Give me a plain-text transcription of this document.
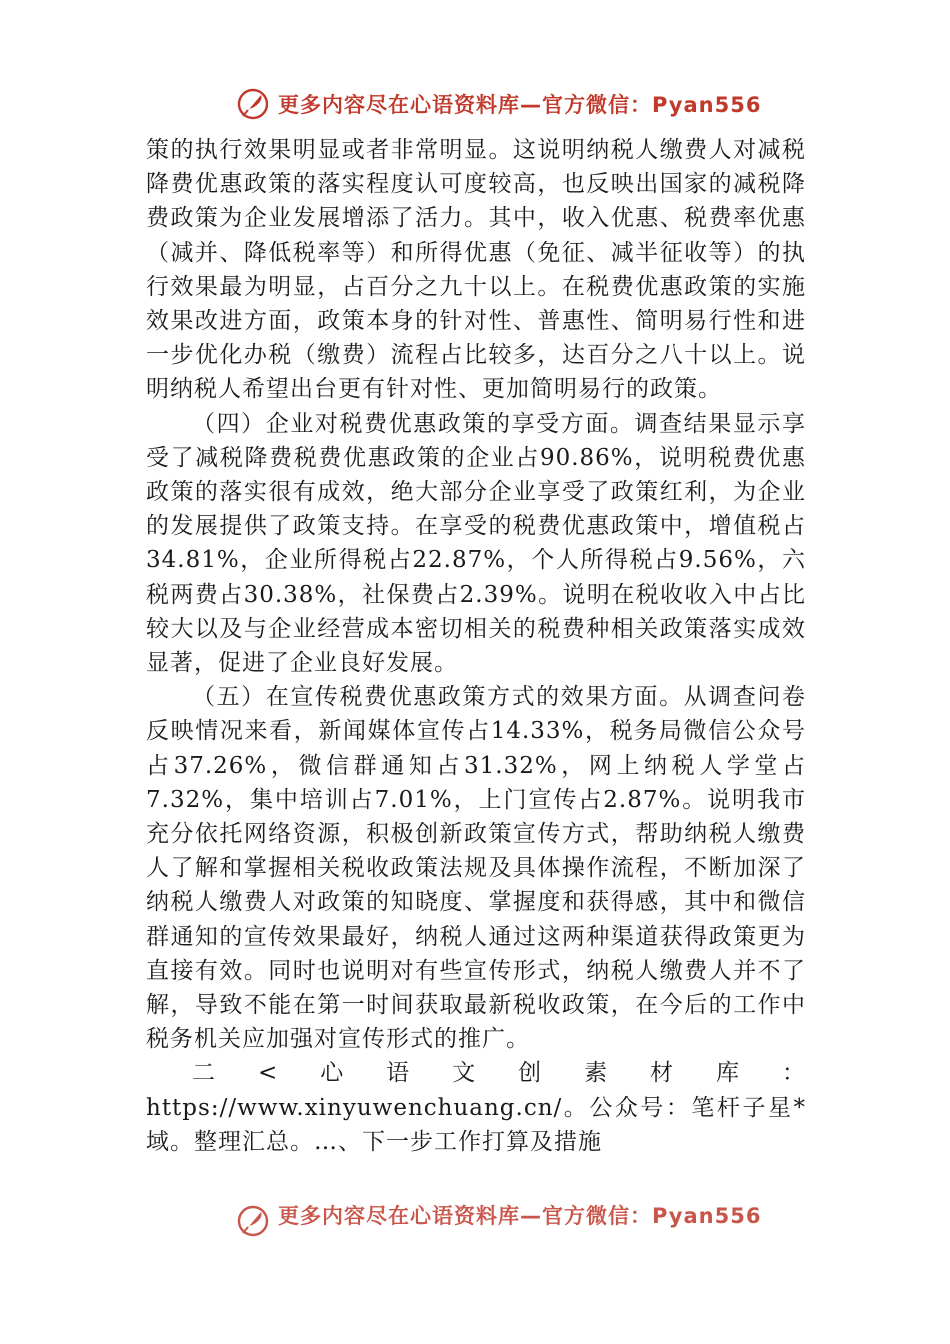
更多内容尽在心语资料库—官方微信：Pyan556

策的执行效果明显或者非常明显。这说明纳税人缴费人对减税降费优惠政策的落实程度认可度较高，也反映出国家的减税降费政策为企业发展增添了活力。其中，收入优惠、税费率优惠（减并、降低税率等）和所得优惠（免征、减半征收等）的执行效果最为明显，占百分之九十以上。在税费优惠政策的实施效果改进方面，政策本身的针对性、普惠性、简明易行性和进一步优化办税（缴费）流程占比较多，达百分之八十以上。说明纳税人希望出台更有针对性、更加简明易行的政策。

（四）企业对税费优惠政策的享受方面。调查结果显示享受了减税降费税费优惠政策的企业占90.86%，说明税费优惠政策的落实很有成效，绝大部分企业享受了政策红利，为企业的发展提供了政策支持。在享受的税费优惠政策中，增值税占34.81%，企业所得税占22.87%，个人所得税占9.56%，六税两费占30.38%，社保费占2.39%。说明在税收收入中占比较大以及与企业经营成本密切相关的税费种相关政策落实成效显著，促进了企业良好发展。

（五）在宣传税费优惠政策方式的效果方面。从调查问卷反映情况来看，新闻媒体宣传占14.33%，税务局微信公众号占37.26%，微信群通知占31.32%，网上纳税人学堂占7.32%，集中培训占7.01%，上门宣传占2.87%。说明我市充分依托网络资源，积极创新政策宣传方式，帮助纳税人缴费人了解和掌握相关税收政策法规及具体操作流程，不断加深了纳税人缴费人对政策的知晓度、掌握度和获得感，其中和微信群通知的宣传效果最好，纳税人通过这两种渠道获得政策更为直接有效。同时也说明对有些宣传形式，纳税人缴费人并不了解，导致不能在第一时间获取最新税收政策，在今后的工作中税务机关应加强对宣传形式的推广。

二<心语文创素材库：https://www.xinyuwenchuang.cn/。公众号：笔杆子星*域。整理汇总。…、下一步工作打算及措施

更多内容尽在心语资料库—官方微信：Pyan556
